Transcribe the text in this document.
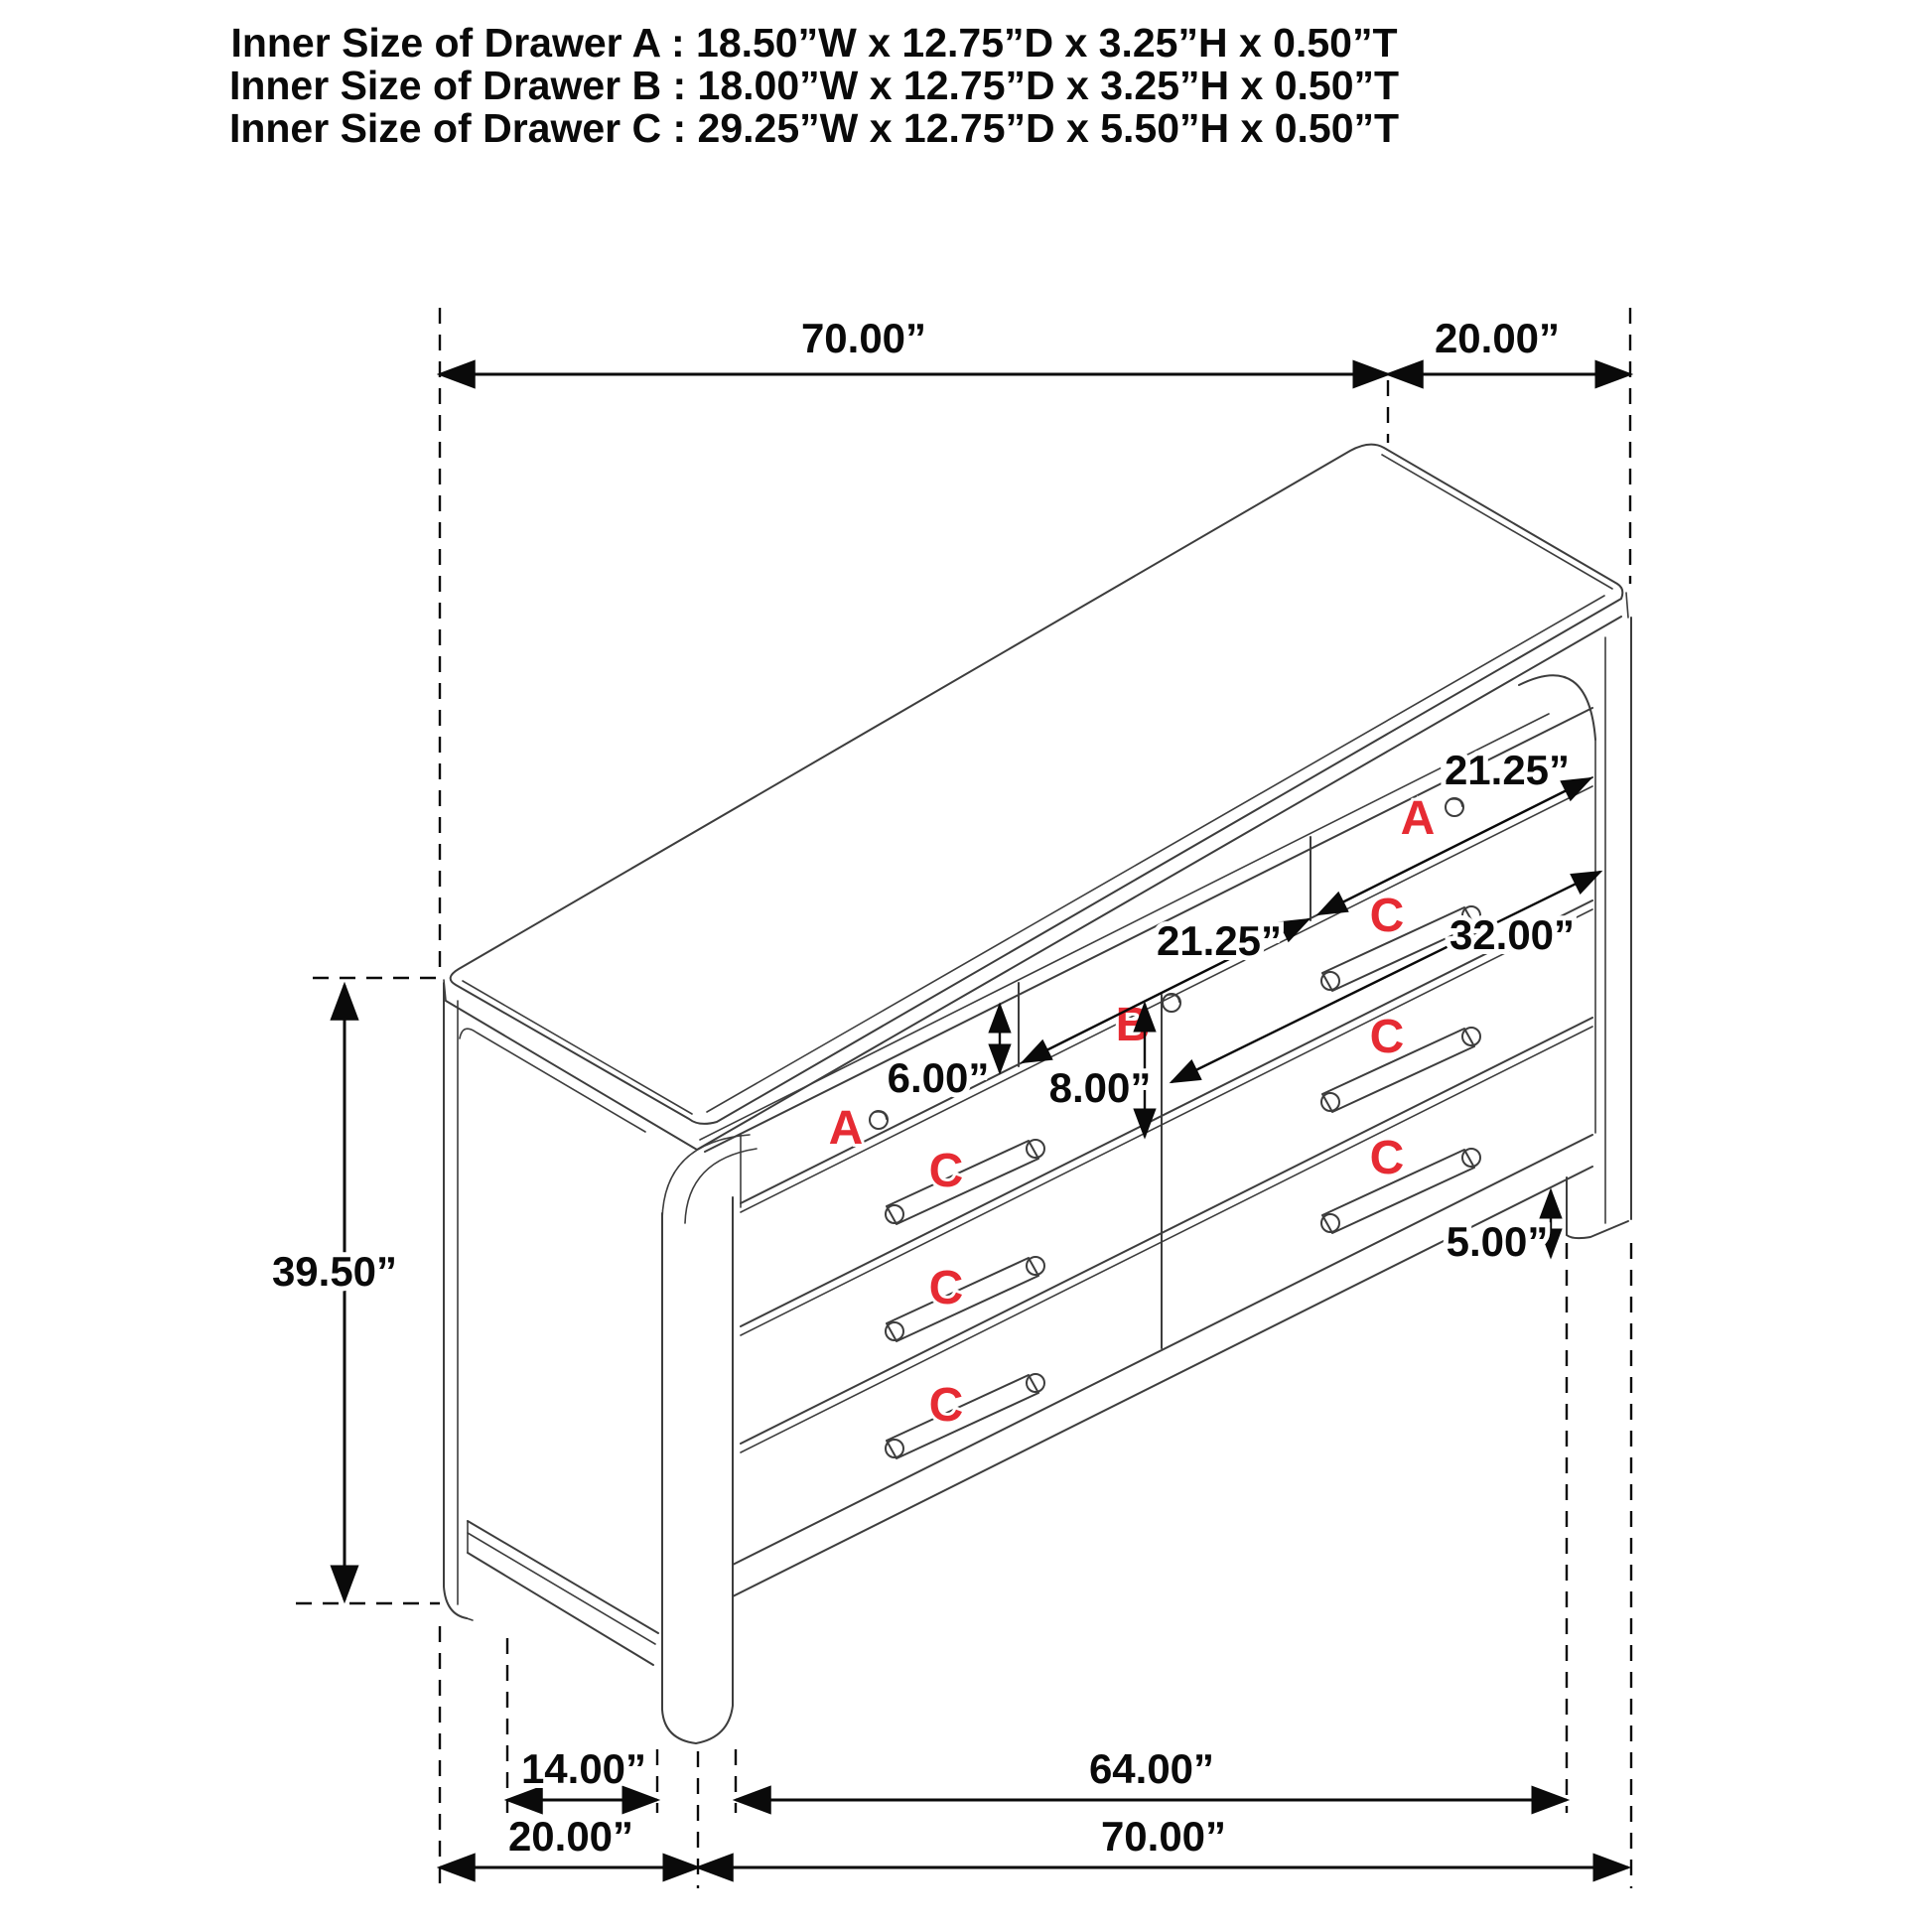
Inner Size of Drawer A : 18.50”W x 12.75”D x 3.25”H x 0.50”T
Inner Size of Drawer B : 18.00”W x 12.75”D x 3.25”H x 0.50”T
Inner Size of Drawer C : 29.25”W x 12.75”D x 5.50”H x 0.50”T
A
B
A
C
C
C
C
C
C
70.00”	20.00”
39.50”
6.00” 8.00”
21.25”
21.25”
32.00”
5.00”
14.00”	64.00”
20.00”	70.00”
